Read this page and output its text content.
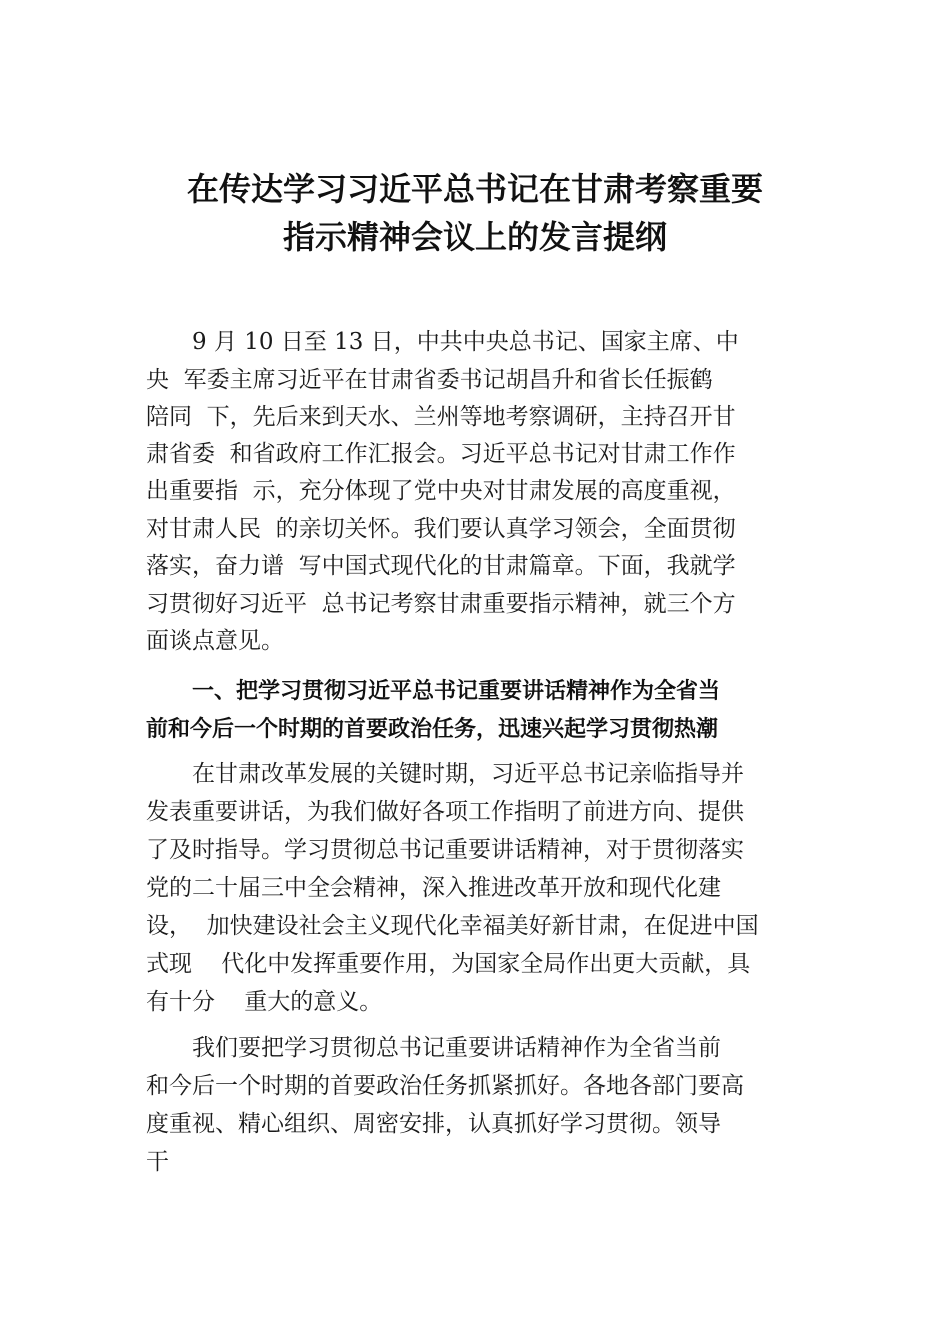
在传达学习习近平总书记在甘肃考察重要
指示精神会议上的发言提纲
9 月 10 日至 13 日，中共中央总书记、国家主席、中
央  军委主席习近平在甘肃省委书记胡昌升和省长任振鹤
陪同  下，先后来到天水、兰州等地考察调研，主持召开甘
肃省委  和省政府工作汇报会。习近平总书记对甘肃工作作
出重要指  示，充分体现了党中央对甘肃发展的高度重视，
对甘肃人民  的亲切关怀。我们要认真学习领会，全面贯彻
落实，奋力谱  写中国式现代化的甘肃篇章。下面，我就学
习贯彻好习近平  总书记考察甘肃重要指示精神，就三个方
面谈点意见。
一、把学习贯彻习近平总书记重要讲话精神作为全省当
前和今后一个时期的首要政治任务，迅速兴起学习贯彻热潮
在甘肃改革发展的关键时期，习近平总书记亲临指导并
发表重要讲话，为我们做好各项工作指明了前进方向、提供
了及时指导。学习贯彻总书记重要讲话精神，对于贯彻落实
党的二十届三中全会精神，深入推进改革开放和现代化建
设，  加快建设社会主义现代化幸福美好新甘肃，在促进中国
式现    代化中发挥重要作用，为国家全局作出更大贡献，具
有十分    重大的意义。
我们要把学习贯彻总书记重要讲话精神作为全省当前
和今后一个时期的首要政治任务抓紧抓好。各地各部门要高
度重视、精心组织、周密安排，认真抓好学习贯彻。领导
干
